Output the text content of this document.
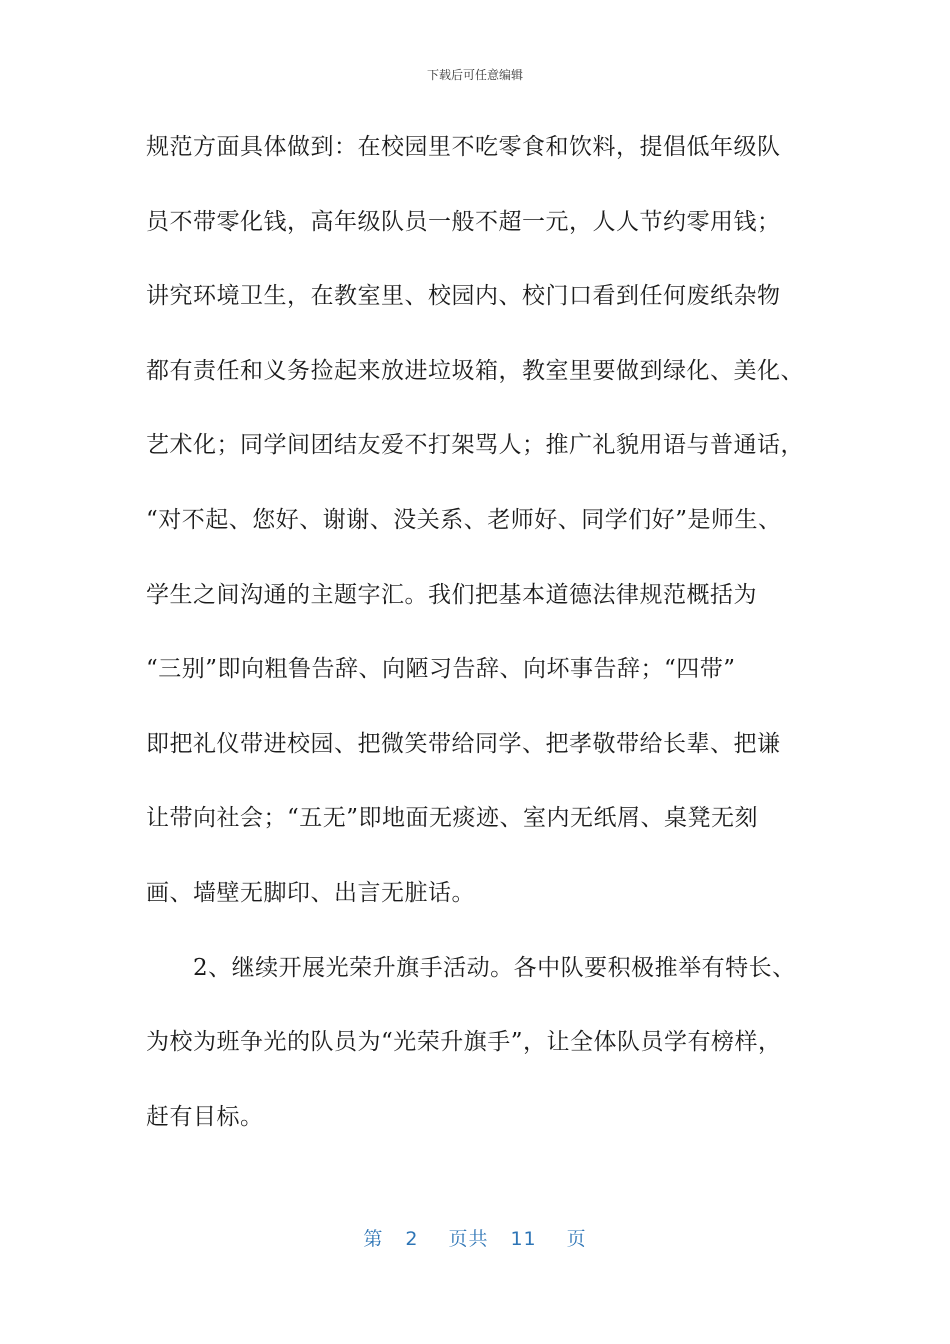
下载后可任意编辑
规范方面具体做到：在校园里不吃零食和饮料，提倡低年级队
员不带零化钱，高年级队员一般不超一元，人人节约零用钱；
讲究环境卫生，在教室里、校园内、校门口看到任何废纸杂物
都有责任和义务捡起来放进垃圾箱，教室里要做到绿化、美化、
艺术化；同学间团结友爱不打架骂人；推广礼貌用语与普通话，
“对不起、您好、谢谢、没关系、老师好、同学们好”是师生、
学生之间沟通的主题字汇。我们把基本道德法律规范概括为
“三别”即向粗鲁告辞、向陋习告辞、向坏事告辞；“四带”
即把礼仪带进校园、把微笑带给同学、把孝敬带给长辈、把谦
让带向社会；“五无”即地面无痰迹、室内无纸屑、桌凳无刻
画、墙壁无脚印、出言无脏话。
　　2、继续开展光荣升旗手活动。各中队要积极推举有特长、
为校为班争光的队员为“光荣升旗手”，让全体队员学有榜样，
赶有目标。
第 2 页共 11 页
